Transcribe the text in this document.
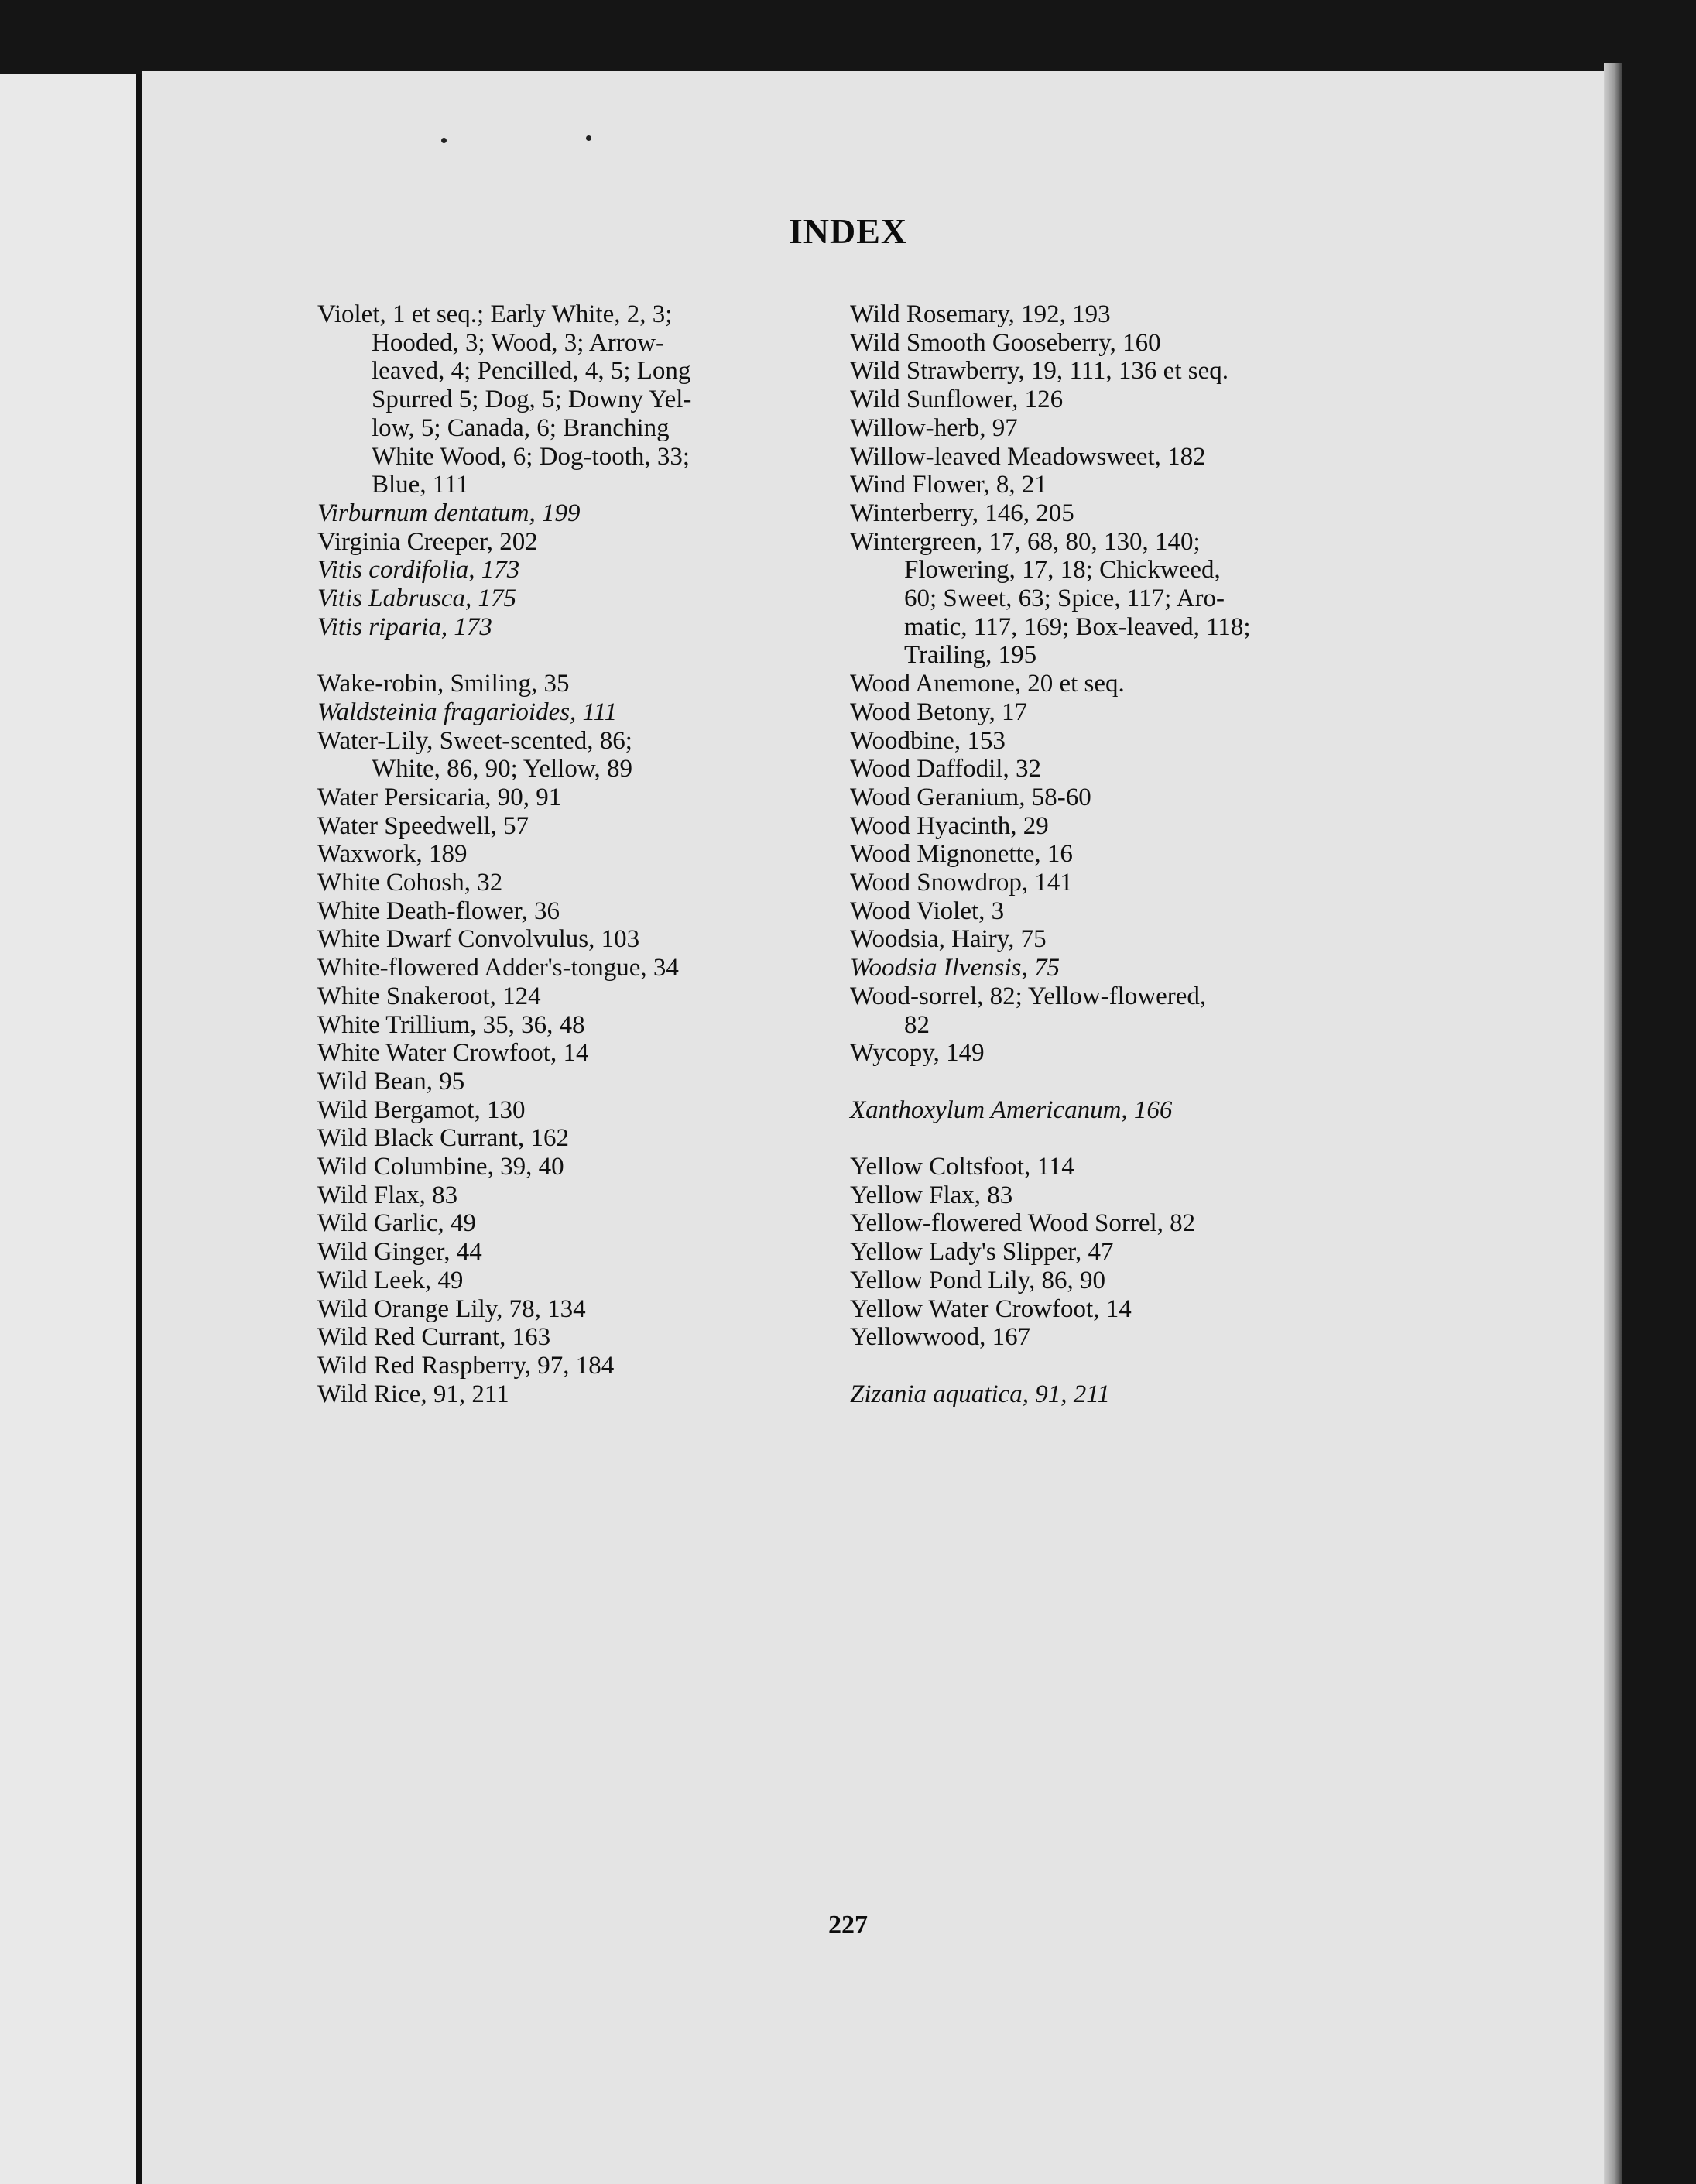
INDEX
Violet, 1 et seq.; Early White, 2, 3;
Hooded, 3; Wood, 3; Arrow-
leaved, 4; Pencilled, 4, 5; Long
Spurred 5; Dog, 5; Downy Yel-
low, 5; Canada, 6; Branching
White Wood, 6; Dog-tooth, 33;
Blue, 111
Virburnum dentatum, 199
Virginia Creeper, 202
Vitis cordifolia, 173
Vitis Labrusca, 175
Vitis riparia, 173
Wake-robin, Smiling, 35
Waldsteinia fragarioides, 111
Water-Lily, Sweet-scented, 86;
White, 86, 90; Yellow, 89
Water Persicaria, 90, 91
Water Speedwell, 57
Waxwork, 189
White Cohosh, 32
White Death-flower, 36
White Dwarf Convolvulus, 103
White-flowered Adder's-tongue, 34
White Snakeroot, 124
White Trillium, 35, 36, 48
White Water Crowfoot, 14
Wild Bean, 95
Wild Bergamot, 130
Wild Black Currant, 162
Wild Columbine, 39, 40
Wild Flax, 83
Wild Garlic, 49
Wild Ginger, 44
Wild Leek, 49
Wild Orange Lily, 78, 134
Wild Red Currant, 163
Wild Red Raspberry, 97, 184
Wild Rice, 91, 211
Wild Rosemary, 192, 193
Wild Smooth Gooseberry, 160
Wild Strawberry, 19, 111, 136 et seq.
Wild Sunflower, 126
Willow-herb, 97
Willow-leaved Meadowsweet, 182
Wind Flower, 8, 21
Winterberry, 146, 205
Wintergreen, 17, 68, 80, 130, 140;
Flowering, 17, 18; Chickweed,
60; Sweet, 63; Spice, 117; Aro-
matic, 117, 169; Box-leaved, 118;
Trailing, 195
Wood Anemone, 20 et seq.
Wood Betony, 17
Woodbine, 153
Wood Daffodil, 32
Wood Geranium, 58-60
Wood Hyacinth, 29
Wood Mignonette, 16
Wood Snowdrop, 141
Wood Violet, 3
Woodsia, Hairy, 75
Woodsia Ilvensis, 75
Wood-sorrel, 82; Yellow-flowered,
82
Wycopy, 149
Xanthoxylum Americanum, 166
Yellow Coltsfoot, 114
Yellow Flax, 83
Yellow-flowered Wood Sorrel, 82
Yellow Lady's Slipper, 47
Yellow Pond Lily, 86, 90
Yellow Water Crowfoot, 14
Yellowwood, 167
Zizania aquatica, 91, 211
227
